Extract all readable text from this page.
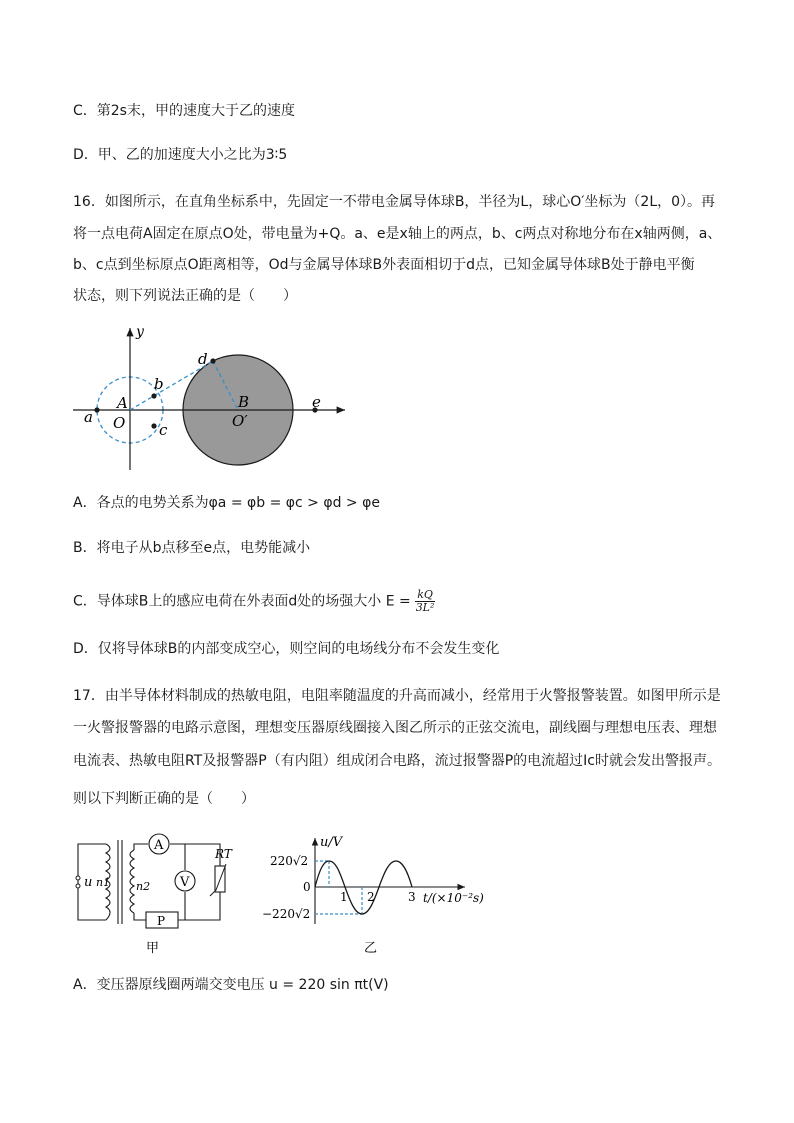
C．第2s末，甲的速度大于乙的速度
D．甲、乙的加速度大小之比为3∶5
16．如图所示，在直角坐标系中，先固定一不带电金属导体球B，半径为L，球心O′坐标为（2L，0）。再
将一点电荷A固定在原点O处，带电量为+Q。a、e是x轴上的两点，b、c两点对称地分布在x轴两侧，a、
b、c点到坐标原点O距离相等，Od与金属导体球B外表面相切于d点，已知金属导体球B处于静电平衡
状态，则下列说法正确的是（　　）
y
d
b
A	B
a O	O′
c
e
A．各点的电势关系为φa = φb = φc > φd > φe
B．将电子从b点移至e点，电势能减小
C．导体球B上的感应电荷在外表面d处的场强大小 $E = \frac{kQ}{\text{3L²}}$
D．仅将导体球B的内部变成空心，则空间的电场线分布不会发生变化
17．由半导体材料制成的热敏电阻，电阻率随温度的升高而减小，经常用于火警报警装置。如图甲所示是
一火警报警器的电路示意图，理想变压器原线圈接入图乙所示的正弦交流电，副线圈与理想电压表、理想
电流表、热敏电阻RT及报警器P（有内阻）组成闭合电路，流过报警器P的电流超过Ic时就会发出警报声。
则以下判断正确的是（　　）
A
V
RT
P
u n1 n2
甲
u/V
220√2
0
−220√2
1 2	3 t/(×10⁻²s)
乙
A．变压器原线圈两端交变电压 u = 220 sin πt(V)
